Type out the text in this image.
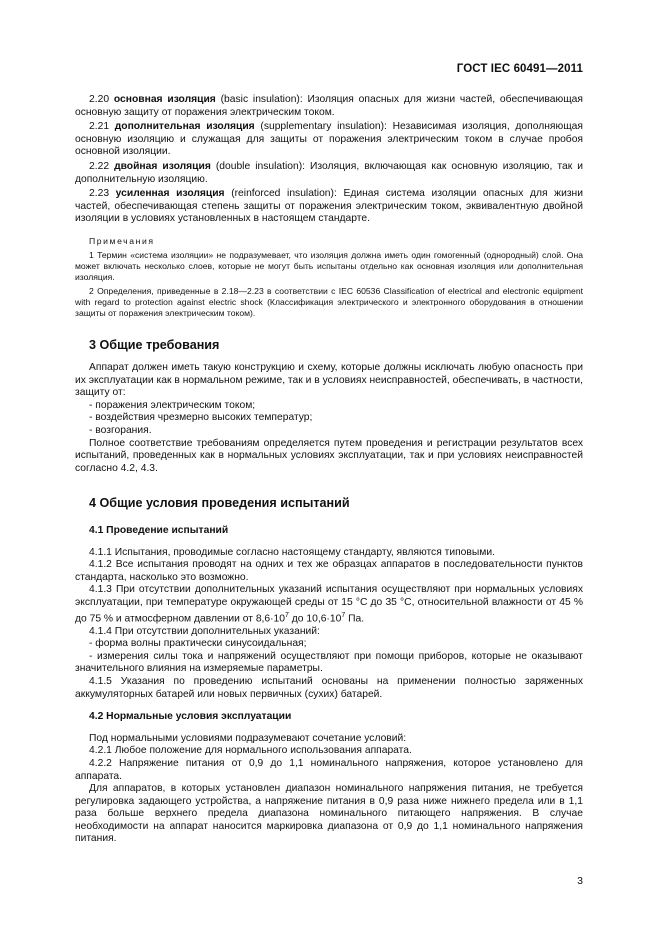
ГОСТ IEC 60491—2011

2.20 основная изоляция (basic insulation): Изоляция опасных для жизни частей, обеспечивающая основную защиту от поражения электрическим током.

2.21 дополнительная изоляция (supplementary insulation): Независимая изоляция, дополняющая основную изоляцию и служащая для защиты от поражения электрическим током в случае пробоя основной изоляции.

2.22 двойная изоляция (double insulation): Изоляция, включающая как основную изоляцию, так и дополнительную изоляцию.

2.23 усиленная изоляция (reinforced insulation): Единая система изоляции опасных для жизни частей, обеспечивающая степень защиты от поражения электрическим током, эквивалентную двойной изоляции в условиях установленных в настоящем стандарте.

Примечания

1 Термин «система изоляции» не подразумевает, что изоляция должна иметь один гомогенный (однородный) слой. Она может включать несколько слоев, которые не могут быть испытаны отдельно как основная изоляция или дополнительная изоляция.

2 Определения, приведенные в 2.18—2.23 в соответствии с IEC 60536 Classification of electrical and electronic equipment with regard to protection against electric shock (Классификация электрического и электронного оборудования в отношении защиты от поражения электрическим током).

3 Общие требования

Аппарат должен иметь такую конструкцию и схему, которые должны исключать любую опасность при их эксплуатации как в нормальном режиме, так и в условиях неисправностей, обеспечивать, в частности, защиту от:

- поражения электрическим током;

- воздействия чрезмерно высоких температур;

- возгорания.

Полное соответствие требованиям определяется путем проведения и регистрации результатов всех испытаний, проведенных как в нормальных условиях эксплуатации, так и при условиях неисправностей согласно 4.2, 4.3.

4 Общие условия проведения испытаний

4.1 Проведение испытаний

4.1.1 Испытания, проводимые согласно настоящему стандарту, являются типовыми.

4.1.2 Все испытания проводят на одних и тех же образцах аппаратов в последовательности пунктов стандарта, насколько это возможно.

4.1.3 При отсутствии дополнительных указаний испытания осуществляют при нормальных условиях эксплуатации, при температуре окружающей среды от 15 °С до 35 °С, относительной влажности от 45 % до 75 % и атмосферном давлении от $8,6\cdot 10^7$ до $10,6\cdot 10^7$ Па.

4.1.4 При отсутствии дополнительных указаний:

- форма волны практически синусоидальная;

- измерения силы тока и напряжений осуществляют при помощи приборов, которые не оказывают значительного влияния на измеряемые параметры.

4.1.5 Указания по проведению испытаний основаны на применении полностью заряженных аккумуляторных батарей или новых первичных (сухих) батарей.

4.2 Нормальные условия эксплуатации

Под нормальными условиями подразумевают сочетание условий:

4.2.1 Любое положение для нормального использования аппарата.

4.2.2 Напряжение питания от 0,9 до 1,1 номинального напряжения, которое установлено для аппарата.

Для аппаратов, в которых установлен диапазон номинального напряжения питания, не требуется регулировка задающего устройства, а напряжение питания в 0,9 раза ниже нижнего предела или в 1,1 раза больше верхнего предела диапазона номинального питающего напряжения. В случае необходимости на аппарат наносится маркировка диапазона от 0,9 до 1,1 номинального напряжения питания.

3
